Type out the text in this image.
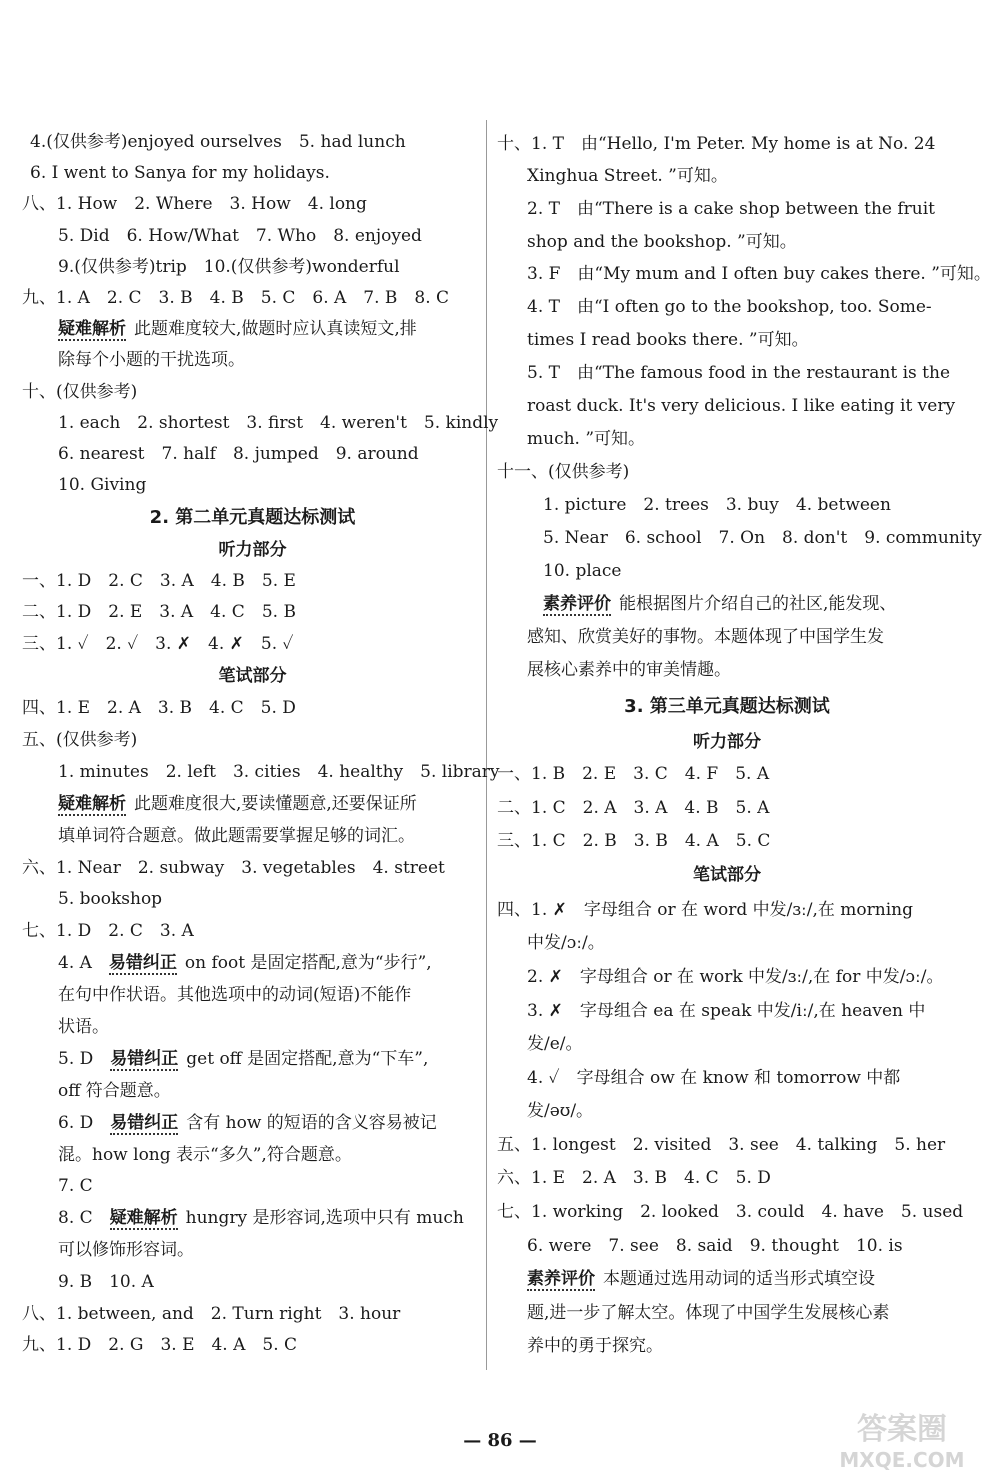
4.(仅供参考)enjoyed ourselves　5. had lunch
6. I went to Sanya for my holidays.
八、1. How　2. Where　3. How　4. long
5. Did　6. How/What　7. Who　8. enjoyed
9.(仅供参考)trip　10.(仅供参考)wonderful
九、1. A　2. C　3. B　4. B　5. C　6. A　7. B　8. C
疑难解析 此题难度较大,做题时应认真读短文,排
除每个小题的干扰选项。
十、(仅供参考)
1. each　2. shortest　3. first　4. weren't　5. kindly
6. nearest　7. half　8. jumped　9. around
10. Giving
2. 第二单元真题达标测试
听力部分
一、1. D　2. C　3. A　4. B　5. E
二、1. D　2. E　3. A　4. C　5. B
三、1. ✓　2. ✓　3. ✗　4. ✗　5. ✓
笔试部分
四、1. E　2. A　3. B　4. C　5. D
五、(仅供参考)
1. minutes　2. left　3. cities　4. healthy　5. library
疑难解析 此题难度很大,要读懂题意,还要保证所
填单词符合题意。做此题需要掌握足够的词汇。
六、1. Near　2. subway　3. vegetables　4. street
5. bookshop
七、1. D　2. C　3. A
4. A　 易错纠正 on foot 是固定搭配,意为“步行”,
在句中作状语。其他选项中的动词(短语)不能作
状语。
5. D　 易错纠正 get off 是固定搭配,意为“下车”,
off 符合题意。
6. D　 易错纠正 含有 how 的短语的含义容易被记
混。how long 表示“多久”,符合题意。
7. C
8. C　 疑难解析 hungry 是形容词,选项中只有 much
可以修饰形容词。
9. B　10. A
八、1. between, and　2. Turn right　3. hour
九、1. D　2. G　3. E　4. A　5. C
十、1. T　由“Hello, I'm Peter. My home is at No. 24
Xinghua Street. ”可知。
2. T　由“There is a cake shop between the fruit
shop and the bookshop. ”可知。
3. F　由“My mum and I often buy cakes there. ”可知。
4. T　由“I often go to the bookshop, too. Some-
times I read books there. ”可知。
5. T　由“The famous food in the restaurant is the
roast duck. It's very delicious. I like eating it very
much. ”可知。
十一、(仅供参考)
1. picture　2. trees　3. buy　4. between
5. Near　6. school　7. On　8. don't　9. community
10. place
素养评价 能根据图片介绍自己的社区,能发现、
感知、欣赏美好的事物。本题体现了中国学生发
展核心素养中的审美情趣。
3. 第三单元真题达标测试
听力部分
一、1. B　2. E　3. C　4. F　5. A
二、1. C　2. A　3. A　4. B　5. A
三、1. C　2. B　3. B　4. A　5. C
笔试部分
四、1. ✗　字母组合 or 在 word 中发/ɜː/,在 morning
中发/ɔː/。
2. ✗　字母组合 or 在 work 中发/ɜː/,在 for 中发/ɔː/。
3. ✗　字母组合 ea 在 speak 中发/iː/,在 heaven 中
发/e/。
4. ✓　字母组合 ow 在 know 和 tomorrow 中都
发/əʊ/。
五、1. longest　2. visited　3. see　4. talking　5. her
六、1. E　2. A　3. B　4. C　5. D
七、1. working　2. looked　3. could　4. have　5. used
6. were　7. see　8. said　9. thought　10. is
素养评价 本题通过选用动词的适当形式填空设
题,进一步了解太空。体现了中国学生发展核心素
养中的勇于探究。
— 86 —	答案圈
MXQE.COM
